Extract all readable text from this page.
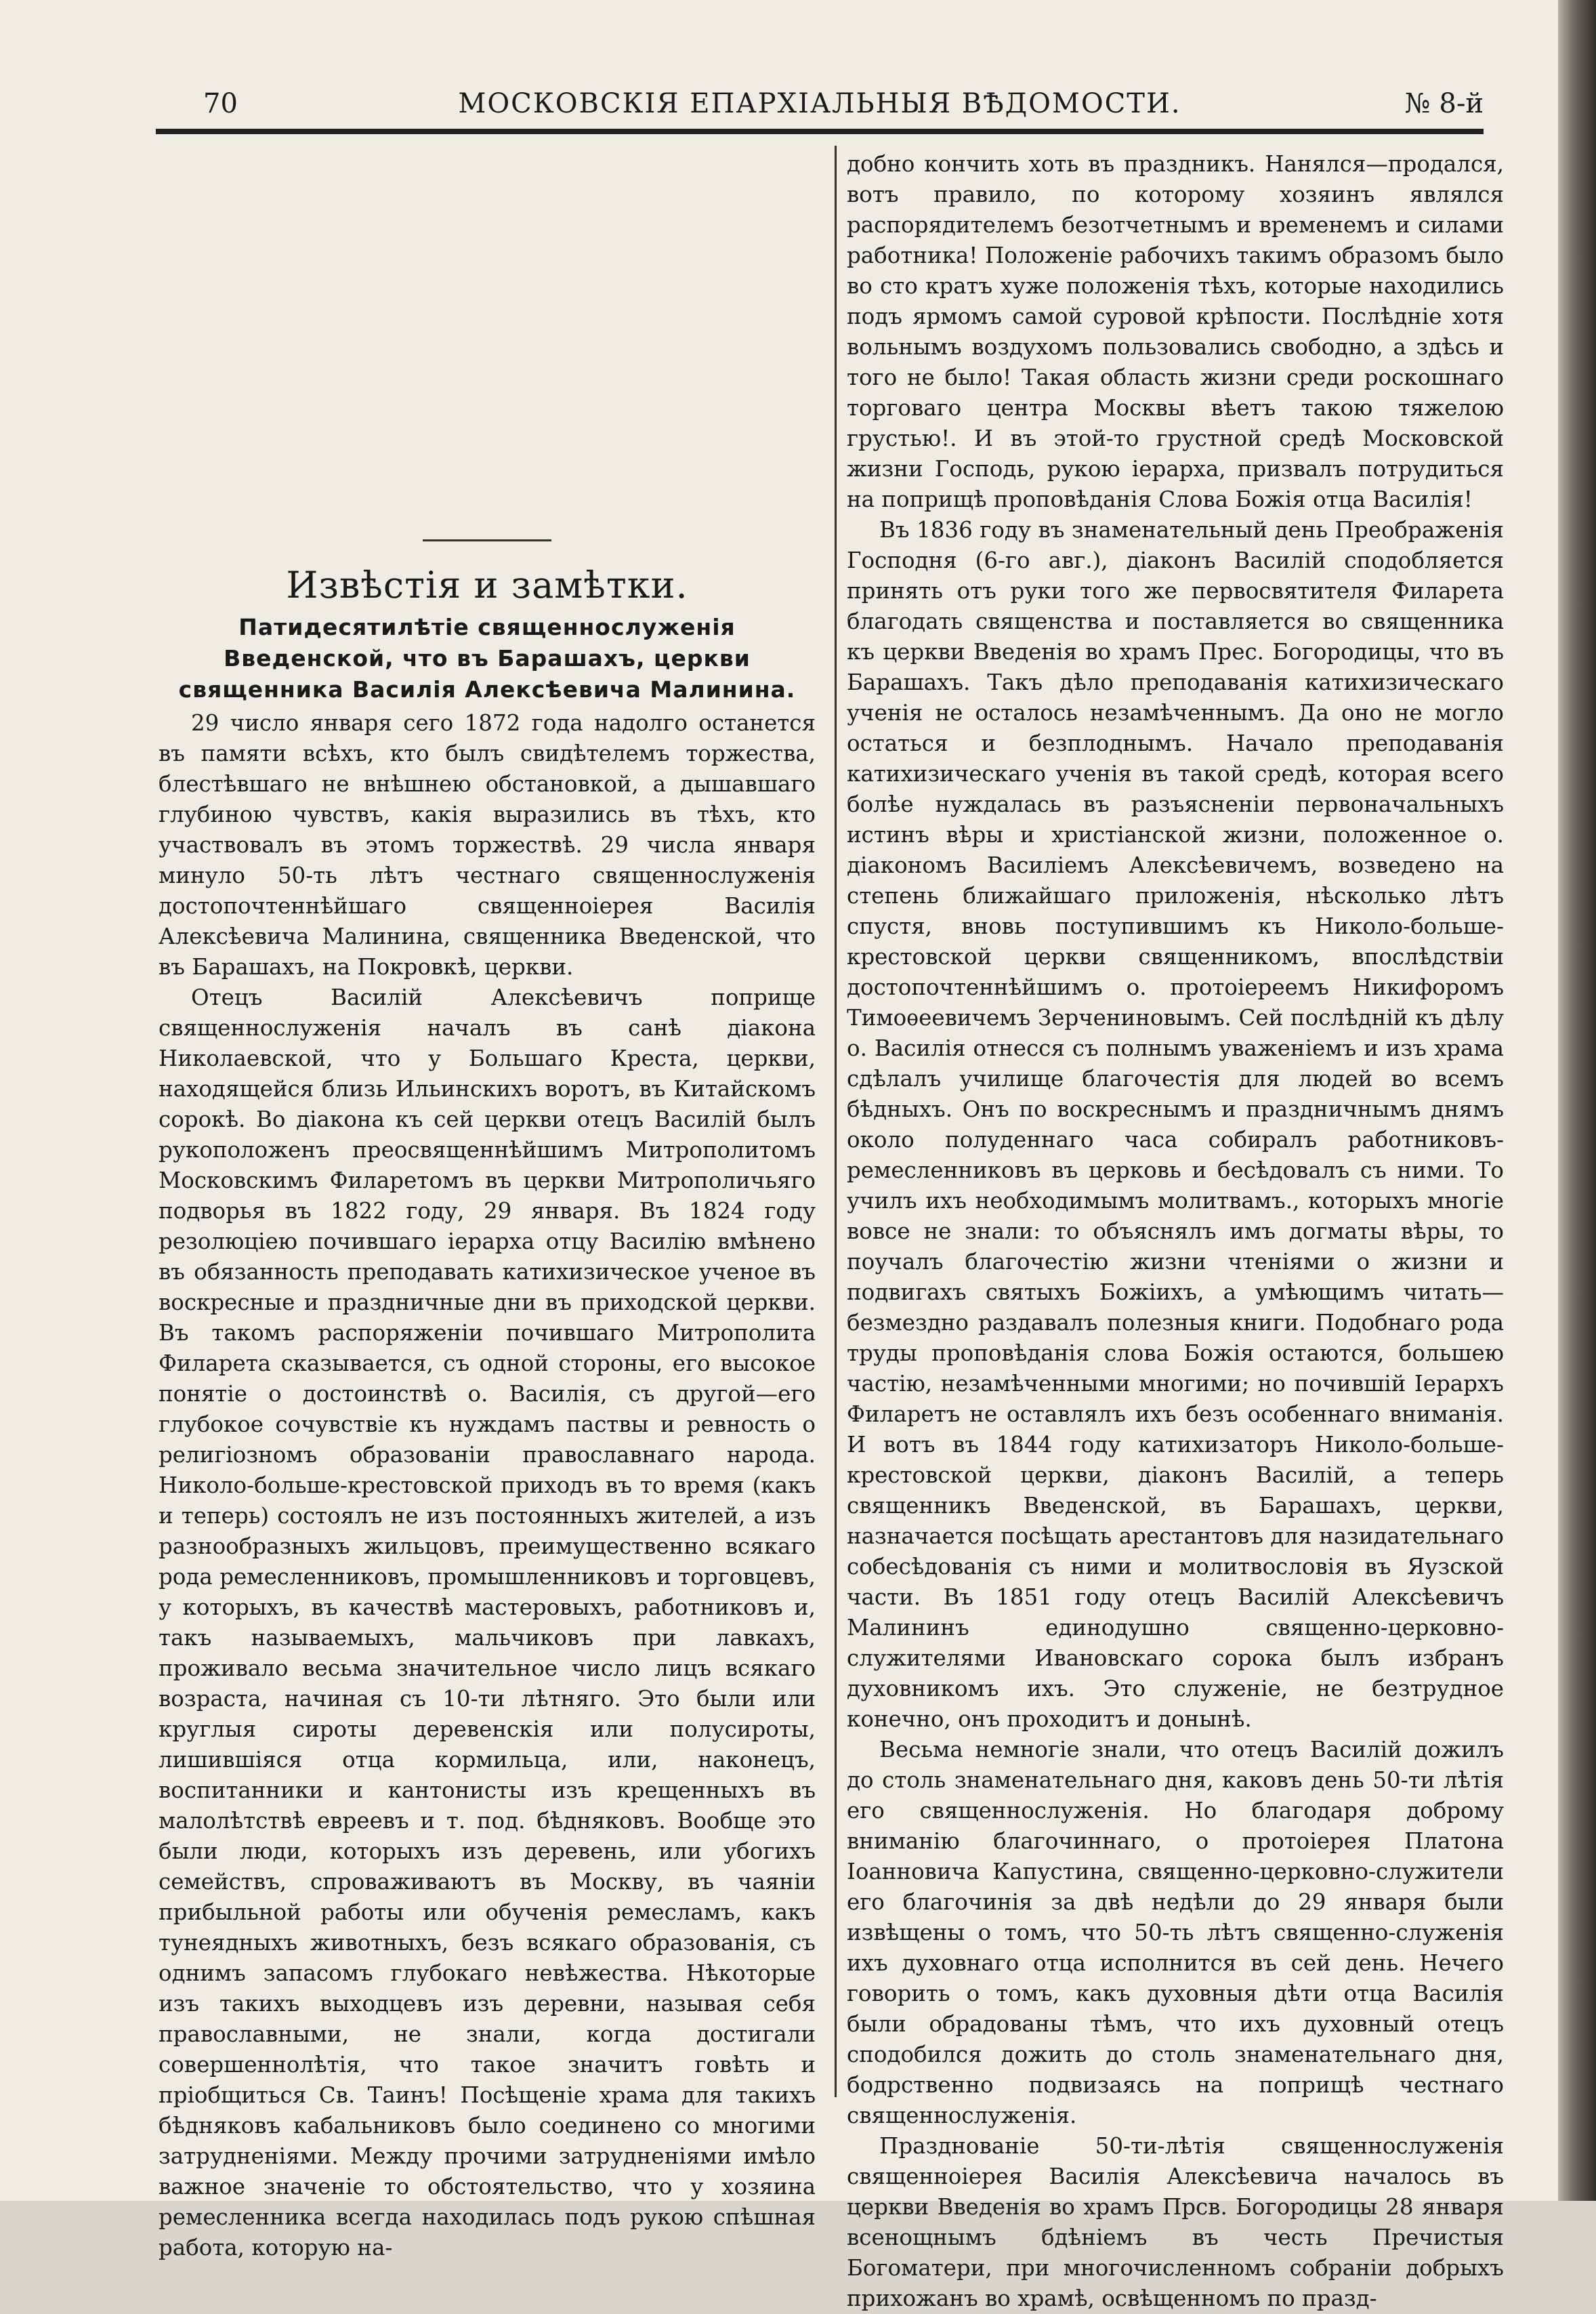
70	МОСКОВСКІЯ ЕПАРХІАЛЬНЫЯ ВѢДОМОСТИ.	№ 8-й
Извѣстія и замѣтки.
Патидесятилѣтіе священнослуженія Введенской, что въ Барашахъ, церкви священника Василія Алексѣевича Малинина.

29 число января сего 1872 года надолго останется въ памяти всѣхъ, кто былъ свидѣтелемъ торжества, блестѣвшаго не внѣшнею обстановкой, а дышавшаго глубиною чувствъ, какія выразились въ тѣхъ, кто участвовалъ въ этомъ торжествѣ. 29 числа января минуло 50-ть лѣтъ честнаго священнослуженія достопочтеннѣйшаго священноіерея Василія Алексѣевича Малинина, священника Введенской, что въ Барашахъ, на Покровкѣ, церкви.

Отецъ Василій Алексѣевичъ поприще священнослуженія началъ въ санѣ діакона Николаевской, что у Большаго Креста, церкви, находящейся близь Ильинскихъ воротъ, въ Китайскомъ сорокѣ. Во діакона къ сей церкви отецъ Василій былъ рукоположенъ преосвященнѣйшимъ Митрополитомъ Московскимъ Филаретомъ въ церкви Митрополичьяго подворья въ 1822 году, 29 января. Въ 1824 году резолюціею почившаго іерарха отцу Василію вмѣнено въ обязанность преподавать катихизическое ученое въ воскресные и праздничные дни въ приходской церкви. Въ такомъ распоряженіи почившаго Митрополита Филарета сказывается, съ одной стороны, его высокое понятіе о достоинствѣ о. Василія, съ другой—его глубокое сочувствіе къ нуждамъ паствы и ревность о религіозномъ образованіи православнаго народа. Николо-больше-крестовской приходъ въ то время (какъ и теперь) состоялъ не изъ постоянныхъ жителей, а изъ разнообразныхъ жильцовъ, преимущественно всякаго рода ремесленниковъ, промышленниковъ и торговцевъ, у которыхъ, въ качествѣ мастеровыхъ, работниковъ и, такъ называемыхъ, мальчиковъ при лавкахъ, проживало весьма значительное число лицъ всякаго возраста, начиная съ 10-ти лѣтняго. Это были или круглыя сироты деревенскія или полусироты, лишившіяся отца кормильца, или, наконецъ, воспитанники и кантонисты изъ крещенныхъ въ малолѣтствѣ евреевъ и т. под. бѣдняковъ. Вообще это были люди, которыхъ изъ деревень, или убогихъ семействъ, спроваживаютъ въ Москву, въ чаяніи прибыльной работы или обученія ремесламъ, какъ тунеядныхъ животныхъ, безъ всякаго образованія, съ однимъ запасомъ глубокаго невѣжества. Нѣкоторые изъ такихъ выходцевъ изъ деревни, называя себя православными, не знали, когда достигали совершеннолѣтія, что такое значитъ говѣть и пріобщиться Св. Таинъ! Посѣщеніе храма для такихъ бѣдняковъ кабальниковъ было соединено со многими затрудненіями. Между прочими затрудненіями имѣло важное значеніе то обстоятельство, что у хозяина ремесленника всегда находилась подъ рукою спѣшная работа, которую на-

добно кончить хоть въ праздникъ. Нанялся—продался, вотъ правило, по которому хозяинъ являлся распорядителемъ безотчетнымъ и временемъ и силами работника! Положеніе рабочихъ такимъ образомъ было во сто кратъ хуже положенія тѣхъ, которые находились подъ ярмомъ самой суровой крѣпости. Послѣдніе хотя вольнымъ воздухомъ пользовались свободно, а здѣсь и того не было! Такая область жизни среди роскошнаго торговаго центра Москвы вѣетъ такою тяжелою грустью!. И въ этой-то грустной средѣ Московской жизни Господь, рукою іерарха, призвалъ потрудиться на поприщѣ проповѣданія Слова Божія отца Василія!

Въ 1836 году въ знаменательный день Преображенія Господня (6-го авг.), діаконъ Василій сподобляется принять отъ руки того же первосвятителя Филарета благодать священства и поставляется во священника къ церкви Введенія во храмъ Прес. Богородицы, что въ Барашахъ. Такъ дѣло преподаванія катихизическаго ученія не осталось незамѣченнымъ. Да оно не могло остаться и безплоднымъ. Начало преподаванія катихизическаго ученія въ такой средѣ, которая всего болѣе нуждалась въ разъясненіи первоначальныхъ истинъ вѣры и христіанской жизни, положенное о. діакономъ Василіемъ Алексѣевичемъ, возведено на степень ближайшаго приложенія, нѣсколько лѣтъ спустя, вновь поступившимъ къ Николо-больше-крестовской церкви священникомъ, впослѣдствіи достопочтеннѣйшимъ о. протоіереемъ Никифоромъ Тимоѳеевичемъ Зерчениновымъ. Сей послѣдній къ дѣлу о. Василія отнесся съ полнымъ уваженіемъ и изъ храма сдѣлалъ училище благочестія для людей во всемъ бѣдныхъ. Онъ по воскреснымъ и праздничнымъ днямъ около полуденнаго часа собиралъ работниковъ-ремесленниковъ въ церковь и бесѣдовалъ съ ними. То училъ ихъ необходимымъ молитвамъ., которыхъ многіе вовсе не знали: то объяснялъ имъ догматы вѣры, то поучалъ благочестію жизни чтеніями о жизни и подвигахъ святыхъ Божіихъ, а умѣющимъ читать—безмездно раздавалъ полезныя книги. Подобнаго рода труды проповѣданія слова Божія остаются, большею частію, незамѣченными многими; но почившій Іерархъ Филаретъ не оставлялъ ихъ безъ особеннаго вниманія. И вотъ въ 1844 году катихизаторъ Николо-больше-крестовской церкви, діаконъ Василій, а теперь священникъ Введенской, въ Барашахъ, церкви, назначается посѣщать арестантовъ для назидательнаго собесѣдованія съ ними и молитвословія въ Яузской части. Въ 1851 году отецъ Василій Алексѣевичъ Малининъ единодушно священно-церковно-служителями Ивановскаго сорока былъ избранъ духовникомъ ихъ. Это служеніе, не безтрудное конечно, онъ проходитъ и донынѣ.

Весьма немногіе знали, что отецъ Василій дожилъ до столь знаменательнаго дня, каковъ день 50-ти лѣтія его священнослуженія. Но благодаря доброму вниманію благочиннаго, о протоіерея Платона Іоанновича Капустина, священно-церковно-служители его благочинія за двѣ недѣли до 29 января были извѣщены о томъ, что 50-ть лѣтъ священно-служенія ихъ духовнаго отца исполнится въ сей день. Нечего говорить о томъ, какъ духовныя дѣти отца Василія были обрадованы тѣмъ, что ихъ духовный отецъ сподобился дожить до столь знаменательнаго дня, бодрственно подвизаясь на поприщѣ честнаго священнослуженія.

Празднованіе 50-ти-лѣтія священнослуженія священноіерея Василія Алексѣевича началось въ церкви Введенія во храмъ Прсв. Богородицы 28 января всенощнымъ бдѣніемъ въ честь Пречистыя Богоматери, при многочисленномъ собраніи добрыхъ прихожанъ во храмѣ, освѣщенномъ по празд-
